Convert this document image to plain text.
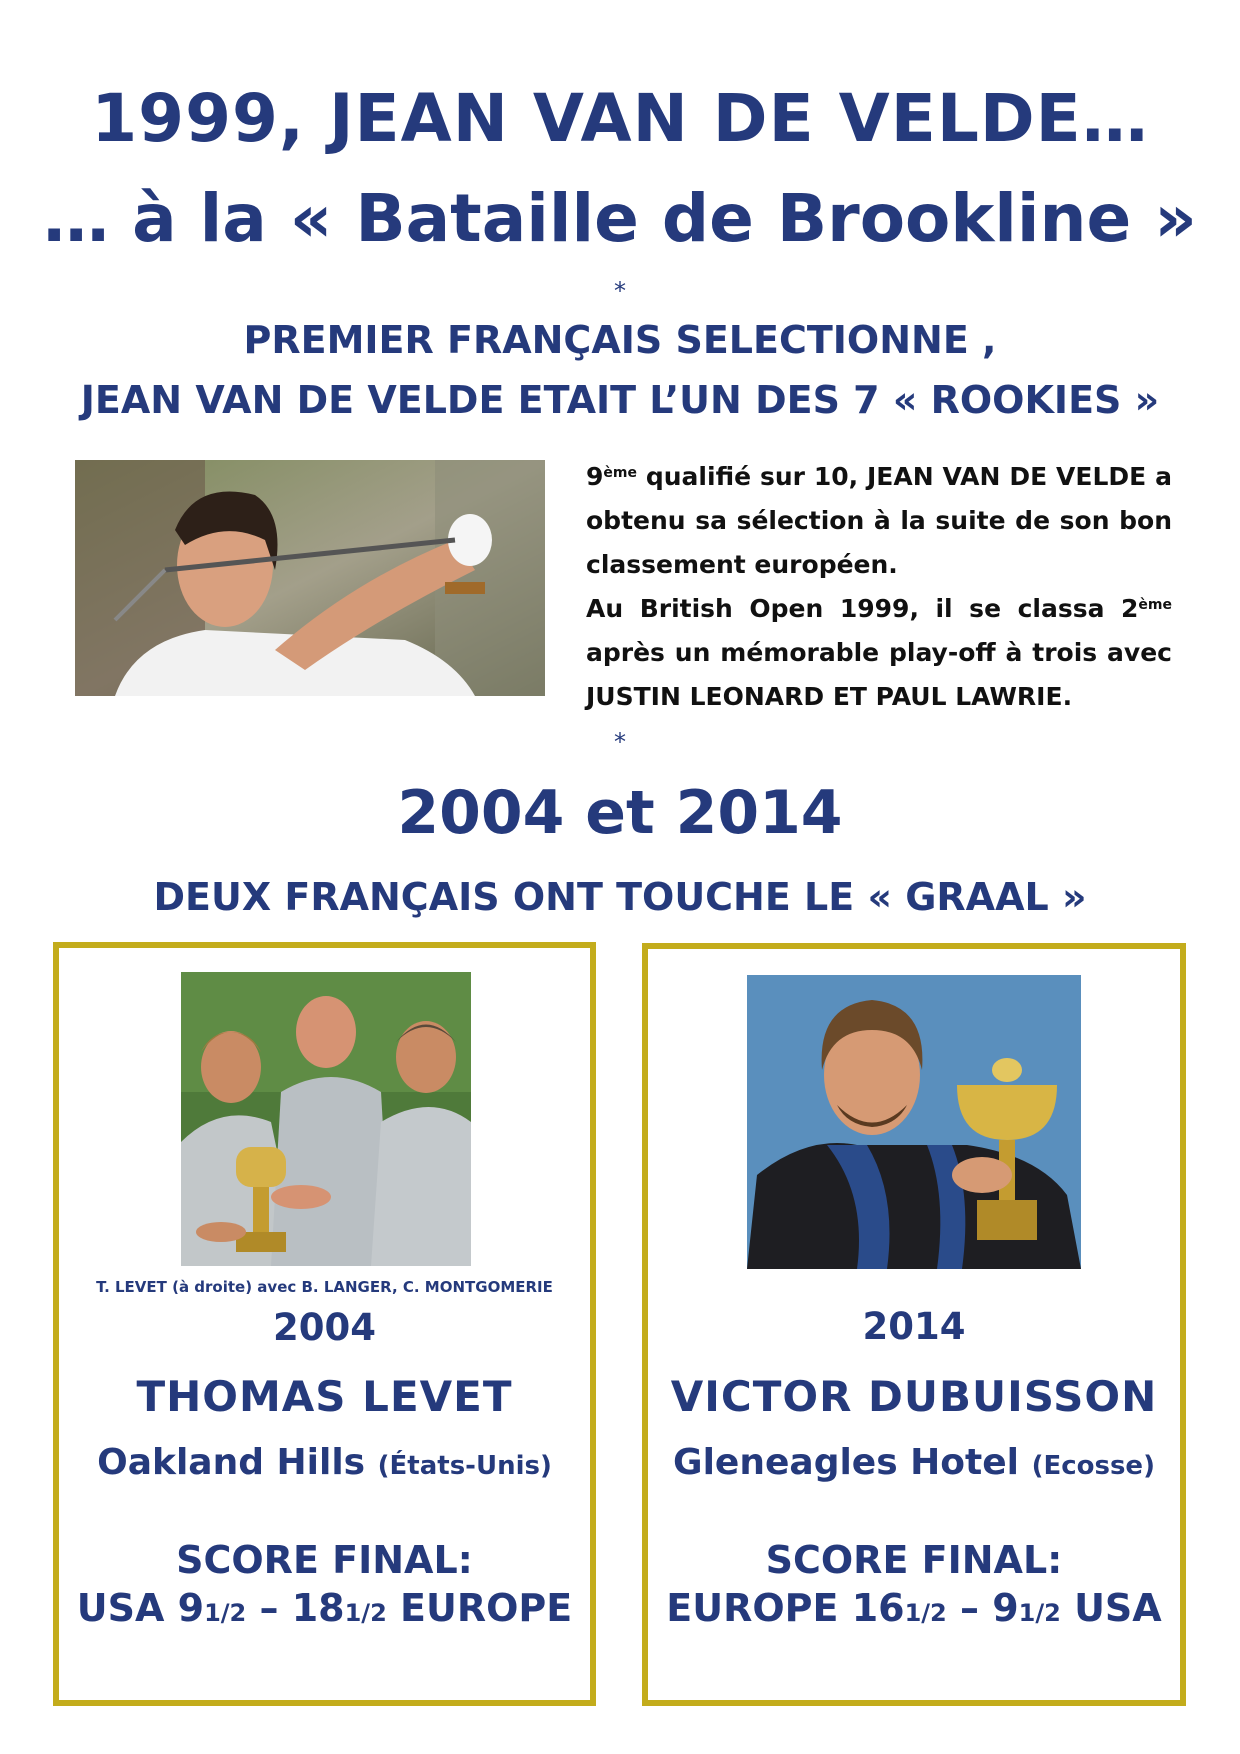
1999, JEAN VAN DE VELDE…
… à la « Bataille de Brookline »
*
PREMIER FRANÇAIS SELECTIONNE ,
JEAN VAN DE VELDE ETAIT L’UN DES 7 « ROOKIES »

9ème qualifié sur 10, JEAN VAN DE VELDE a obtenu sa sélection à la suite de son bon classement européen.

Au British Open 1999, il se classa 2ème après un mémorable play-off à trois avec JUSTIN LEONARD ET PAUL LAWRIE.

*
2004 et 2014
DEUX FRANÇAIS ONT TOUCHE LE « GRAAL »
T. LEVET (à droite) avec B. LANGER, C. MONTGOMERIE
2004
THOMAS LEVET
Oakland Hills (États-Unis)
SCORE FINAL:
USA 91/2 – 181/2 EUROPE
2014
VICTOR DUBUISSON
Gleneagles Hotel (Ecosse)
SCORE FINAL:
EUROPE 161/2 – 91/2 USA
